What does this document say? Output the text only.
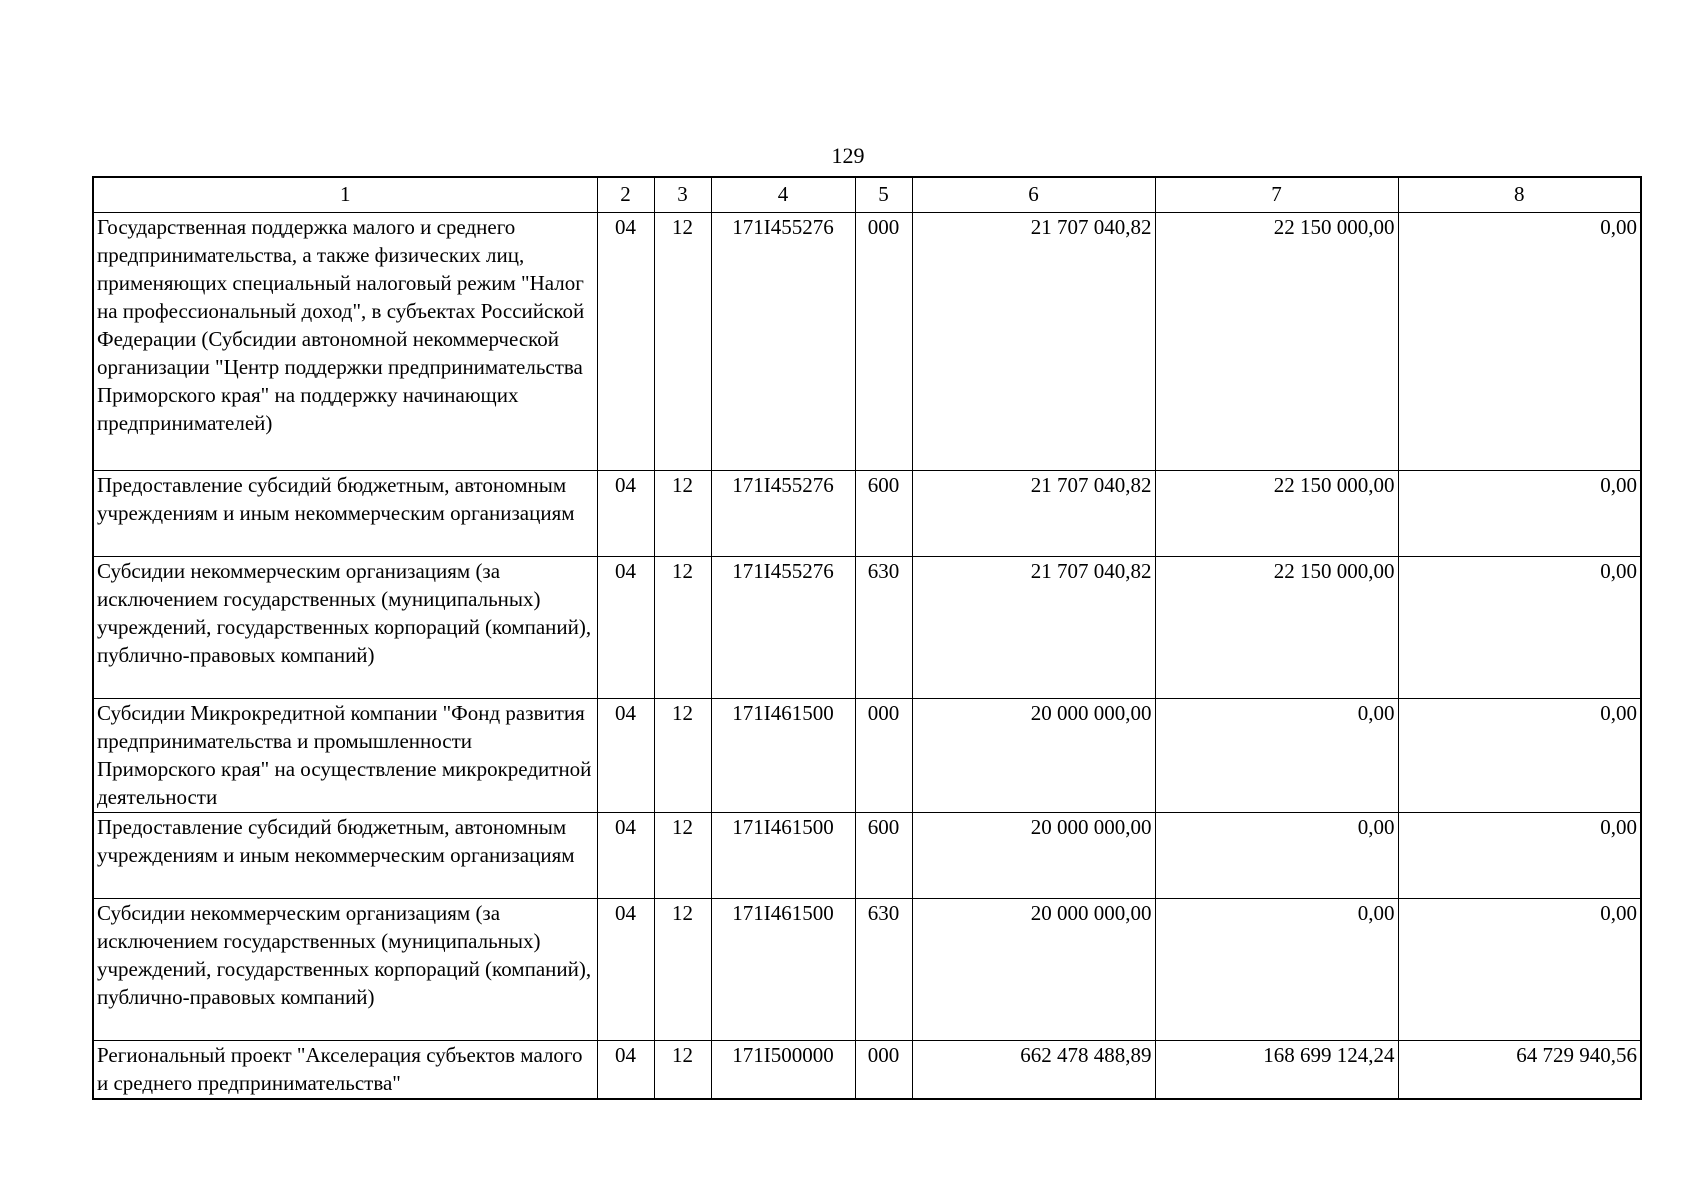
129
1	2	3	4	5	6	7	8
Государственная поддержка малого и среднего предпринимательства, а также физических лиц, применяющих специальный налоговый режим "Налог на профессиональный доход", в субъектах Российской Федерации (Субсидии автономной некоммерческой организации "Центр поддержки предпринимательства Приморского края" на поддержку начинающих предпринимателей)	04	12	171I455276	000	21 707 040,82	22 150 000,00	0,00
Предоставление субсидий бюджетным, автономным учреждениям и иным некоммерческим организациям	04	12	171I455276	600	21 707 040,82	22 150 000,00	0,00
Субсидии некоммерческим организациям (за исключением государственных (муниципальных) учреждений, государственных корпораций (компаний), публично-правовых компаний)	04	12	171I455276	630	21 707 040,82	22 150 000,00	0,00
Субсидии Микрокредитной компании "Фонд развития предпринимательства и промышленности Приморского края" на осуществление микрокредитной деятельности	04	12	171I461500	000	20 000 000,00	0,00	0,00
Предоставление субсидий бюджетным, автономным учреждениям и иным некоммерческим организациям	04	12	171I461500	600	20 000 000,00	0,00	0,00
Субсидии некоммерческим организациям (за исключением государственных (муниципальных) учреждений, государственных корпораций (компаний), публично-правовых компаний)	04	12	171I461500	630	20 000 000,00	0,00	0,00
Региональный проект "Акселерация субъектов малого и среднего предпринимательства"	04	12	171I500000	000	662 478 488,89	168 699 124,24	64 729 940,56
